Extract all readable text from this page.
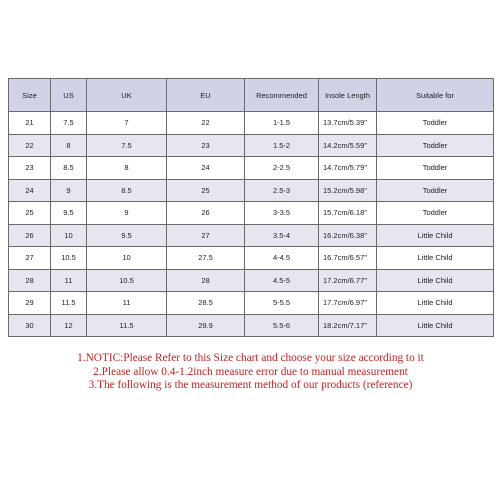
Size	US	UK	EU	Recommended	Insole Length	Suitable for
21	7.5	7	22	1-1.5	13.7cm/5.39''	Toddler
22	8	7.5	23	1.5-2	14.2cm/5.59''	Toddler
23	8.5	8	24	2-2.5	14.7cm/5.79''	Toddler
24	9	8.5	25	2.5-3	15.2cm/5.98''	Toddler
25	9.5	9	26	3-3.5	15.7cm/6.18''	Toddler
26	10	9.5	27	3.5-4	16.2cm/6.38''	Little Child
27	10.5	10	27.5	4-4.5	16.7cm/6.57''	Little Child
28	11	10.5	28	4.5-5	17.2cm/6.77''	Little Child
29	11.5	11	28.5	5-5.5	17.7cm/6.97''	Little Child
30	12	11.5	29.9	5.5-6	18.2cm/7.17''	Little Child
1.NOTIC:Please Refer to this Size chart and choose your size according to it
2.Please allow 0.4-1.2inch measure error due to manual measurement
3.The following is the measurement method of our products (reference)
